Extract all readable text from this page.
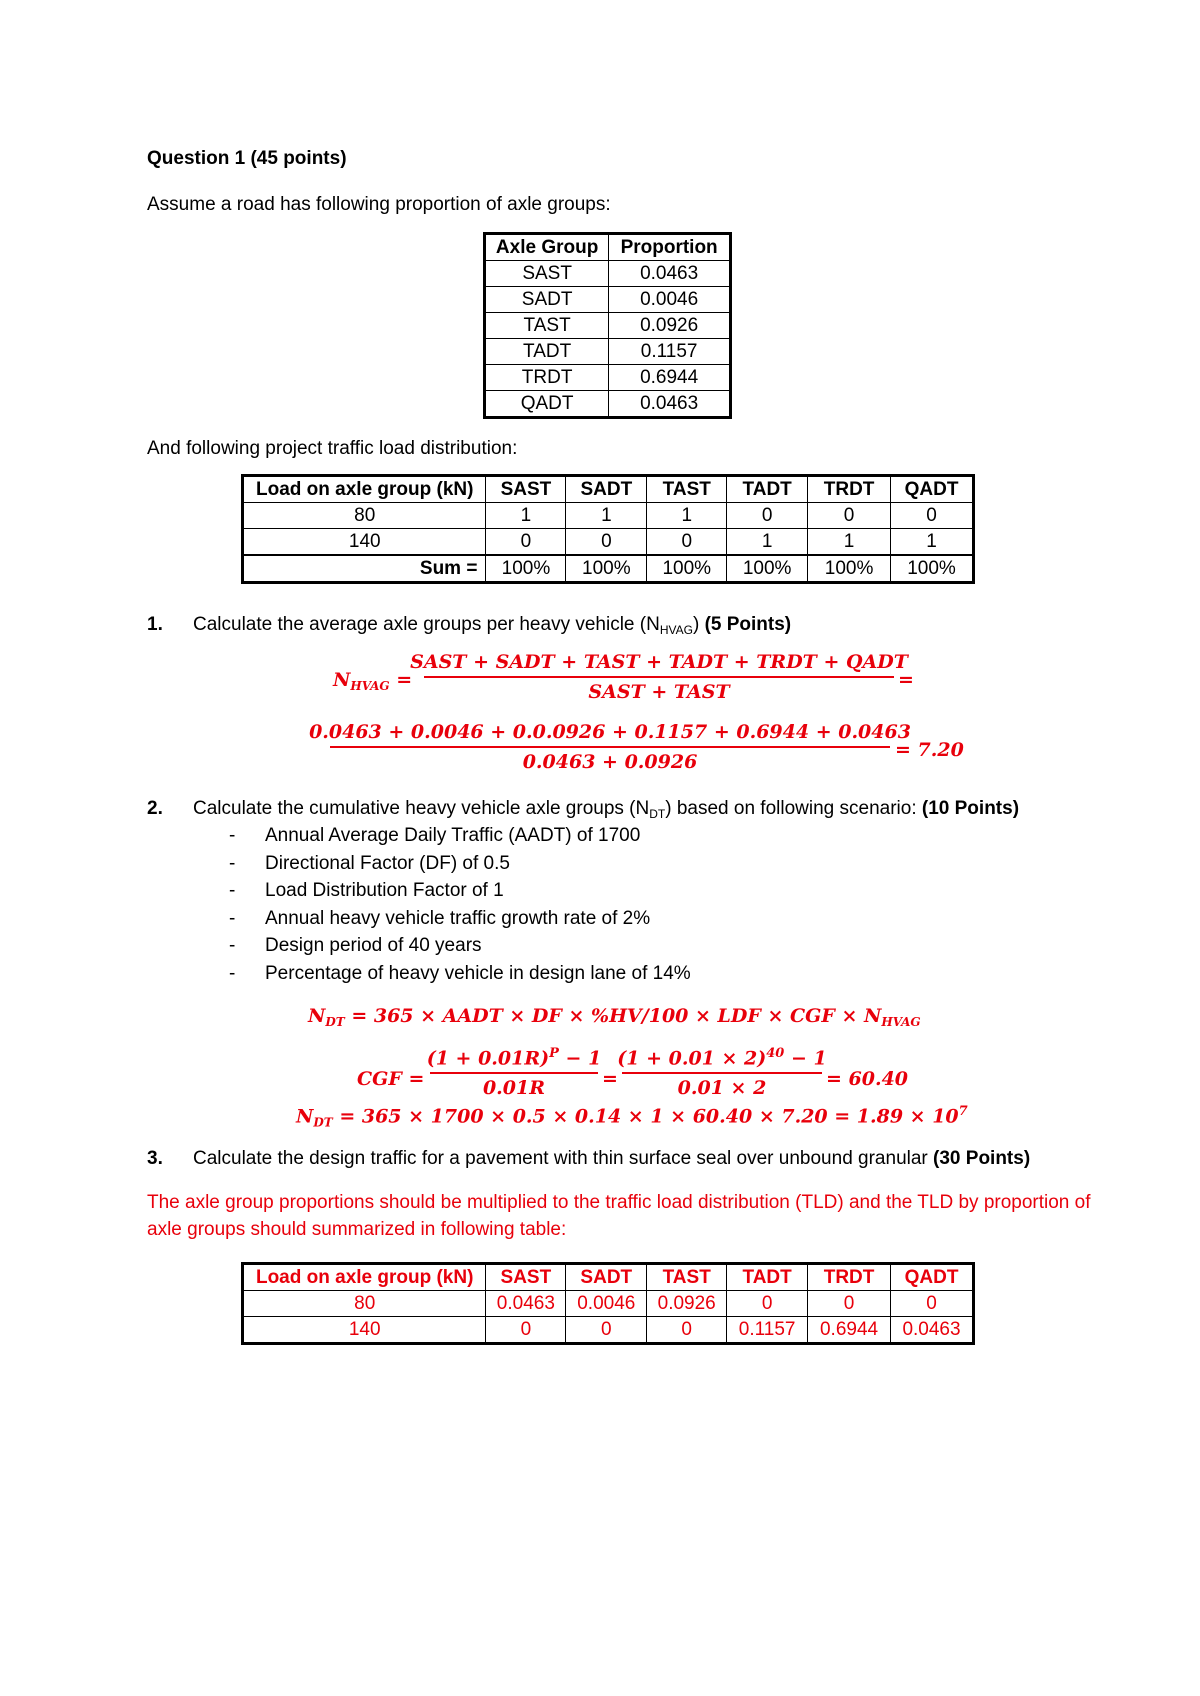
Question 1 (45 points)
Assume a road has following proportion of axle groups:
Axle Group	Proportion
SAST	0.0463
SADT	0.0046
TAST	0.0926
TADT	0.1157
TRDT	0.6944
QADT	0.0463
And following project traffic load distribution:
Load on axle group (kN)	SAST	SADT	TAST	TADT	TRDT	QADT
80	1	1	1	0	0	0
140	0	0	0	1	1	1
Sum =	100%	100%	100%	100%	100%	100%
1. Calculate the average axle groups per heavy vehicle $(N_{HVAG})$ (5 Points)
$N_{HVAG}$ =
SAST + SADT + TAST + TADT + TRDT + QADT
SAST + TAST
=
0.0463 + 0.0046 + 0.0.0926 + 0.1157 + 0.6944 + 0.0463
0.0463 + 0.0926
= 7.20
2. Calculate the cumulative heavy vehicle axle groups $(N_{DT})$ based on following scenario: (10 Points)
- Annual Average Daily Traffic (AADT) of 1700
- Directional Factor (DF) of 0.5
- Load Distribution Factor of 1
- Annual heavy vehicle traffic growth rate of 2%
- Design period of 40 years
- Percentage of heavy vehicle in design lane of 14%
$N_{DT} = 365$ × AADT × DF × %HV/100 × LDF × CGF × $N_{HVAG}$
CGF =
$(1 + 0.01R)^P - 1$
0.01R	=
$(1 + 0.01 \times 2)^{40} - 1$
0.01 × 2	= 60.40
$N_{DT} = 365 \times 1700 \times 0.5 \times 0.14 \times 1 \times 60.40 \times 7.20 = 1.89 \times 10^7$
3. Calculate the design traffic for a pavement with thin surface seal over unbound granular (30 Points)
The axle group proportions should be multiplied to the traffic load distribution (TLD) and the TLD by proportion of
axle groups should summarized in following table:
Load on axle group (kN)	SAST	SADT	TAST	TADT	TRDT	QADT
80	0.0463	0.0046	0.0926	0	0	0
140	0	0	0	0.1157	0.6944	0.0463
